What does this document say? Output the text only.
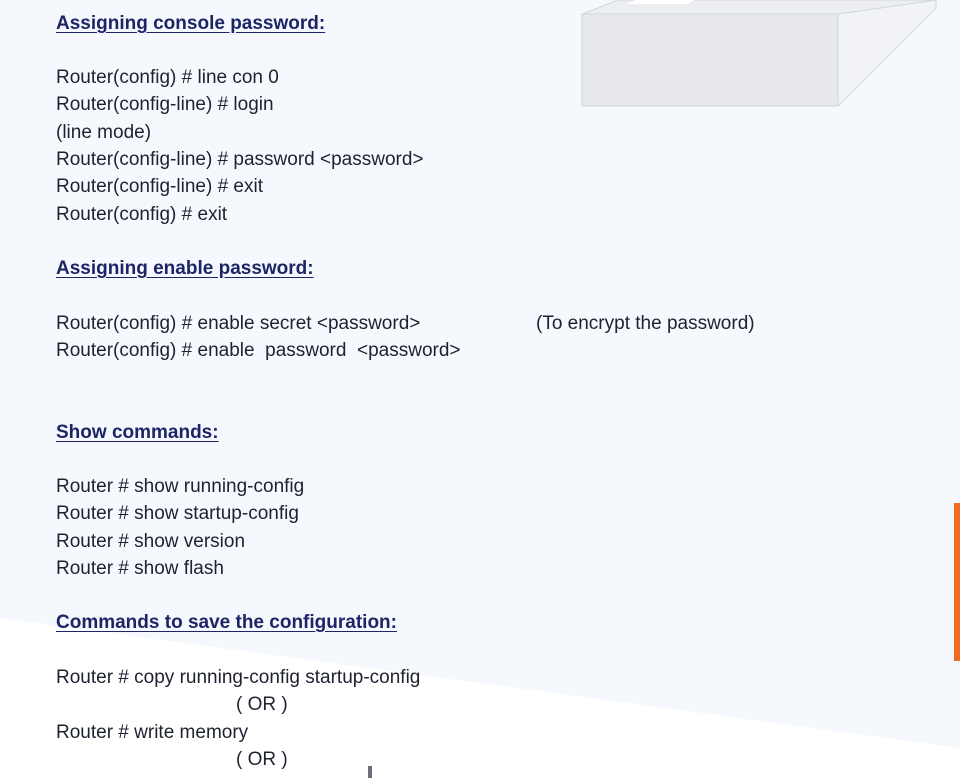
Assigning console password:
Router(config) # line con 0
Router(config-line) # login
(line mode)
Router(config-line) # password <password>
Router(config-line) # exit
Router(config) # exit
Assigning enable password:
Router(config) # enable secret <password>	(To encrypt the password)
Router(config) # enable  password  <password>
Show commands:
Router # show running-config
Router # show startup-config
Router # show version
Router # show flash
Commands to save the configuration:
Router # copy running-config startup-config
( OR )
Router # write memory
( OR )
